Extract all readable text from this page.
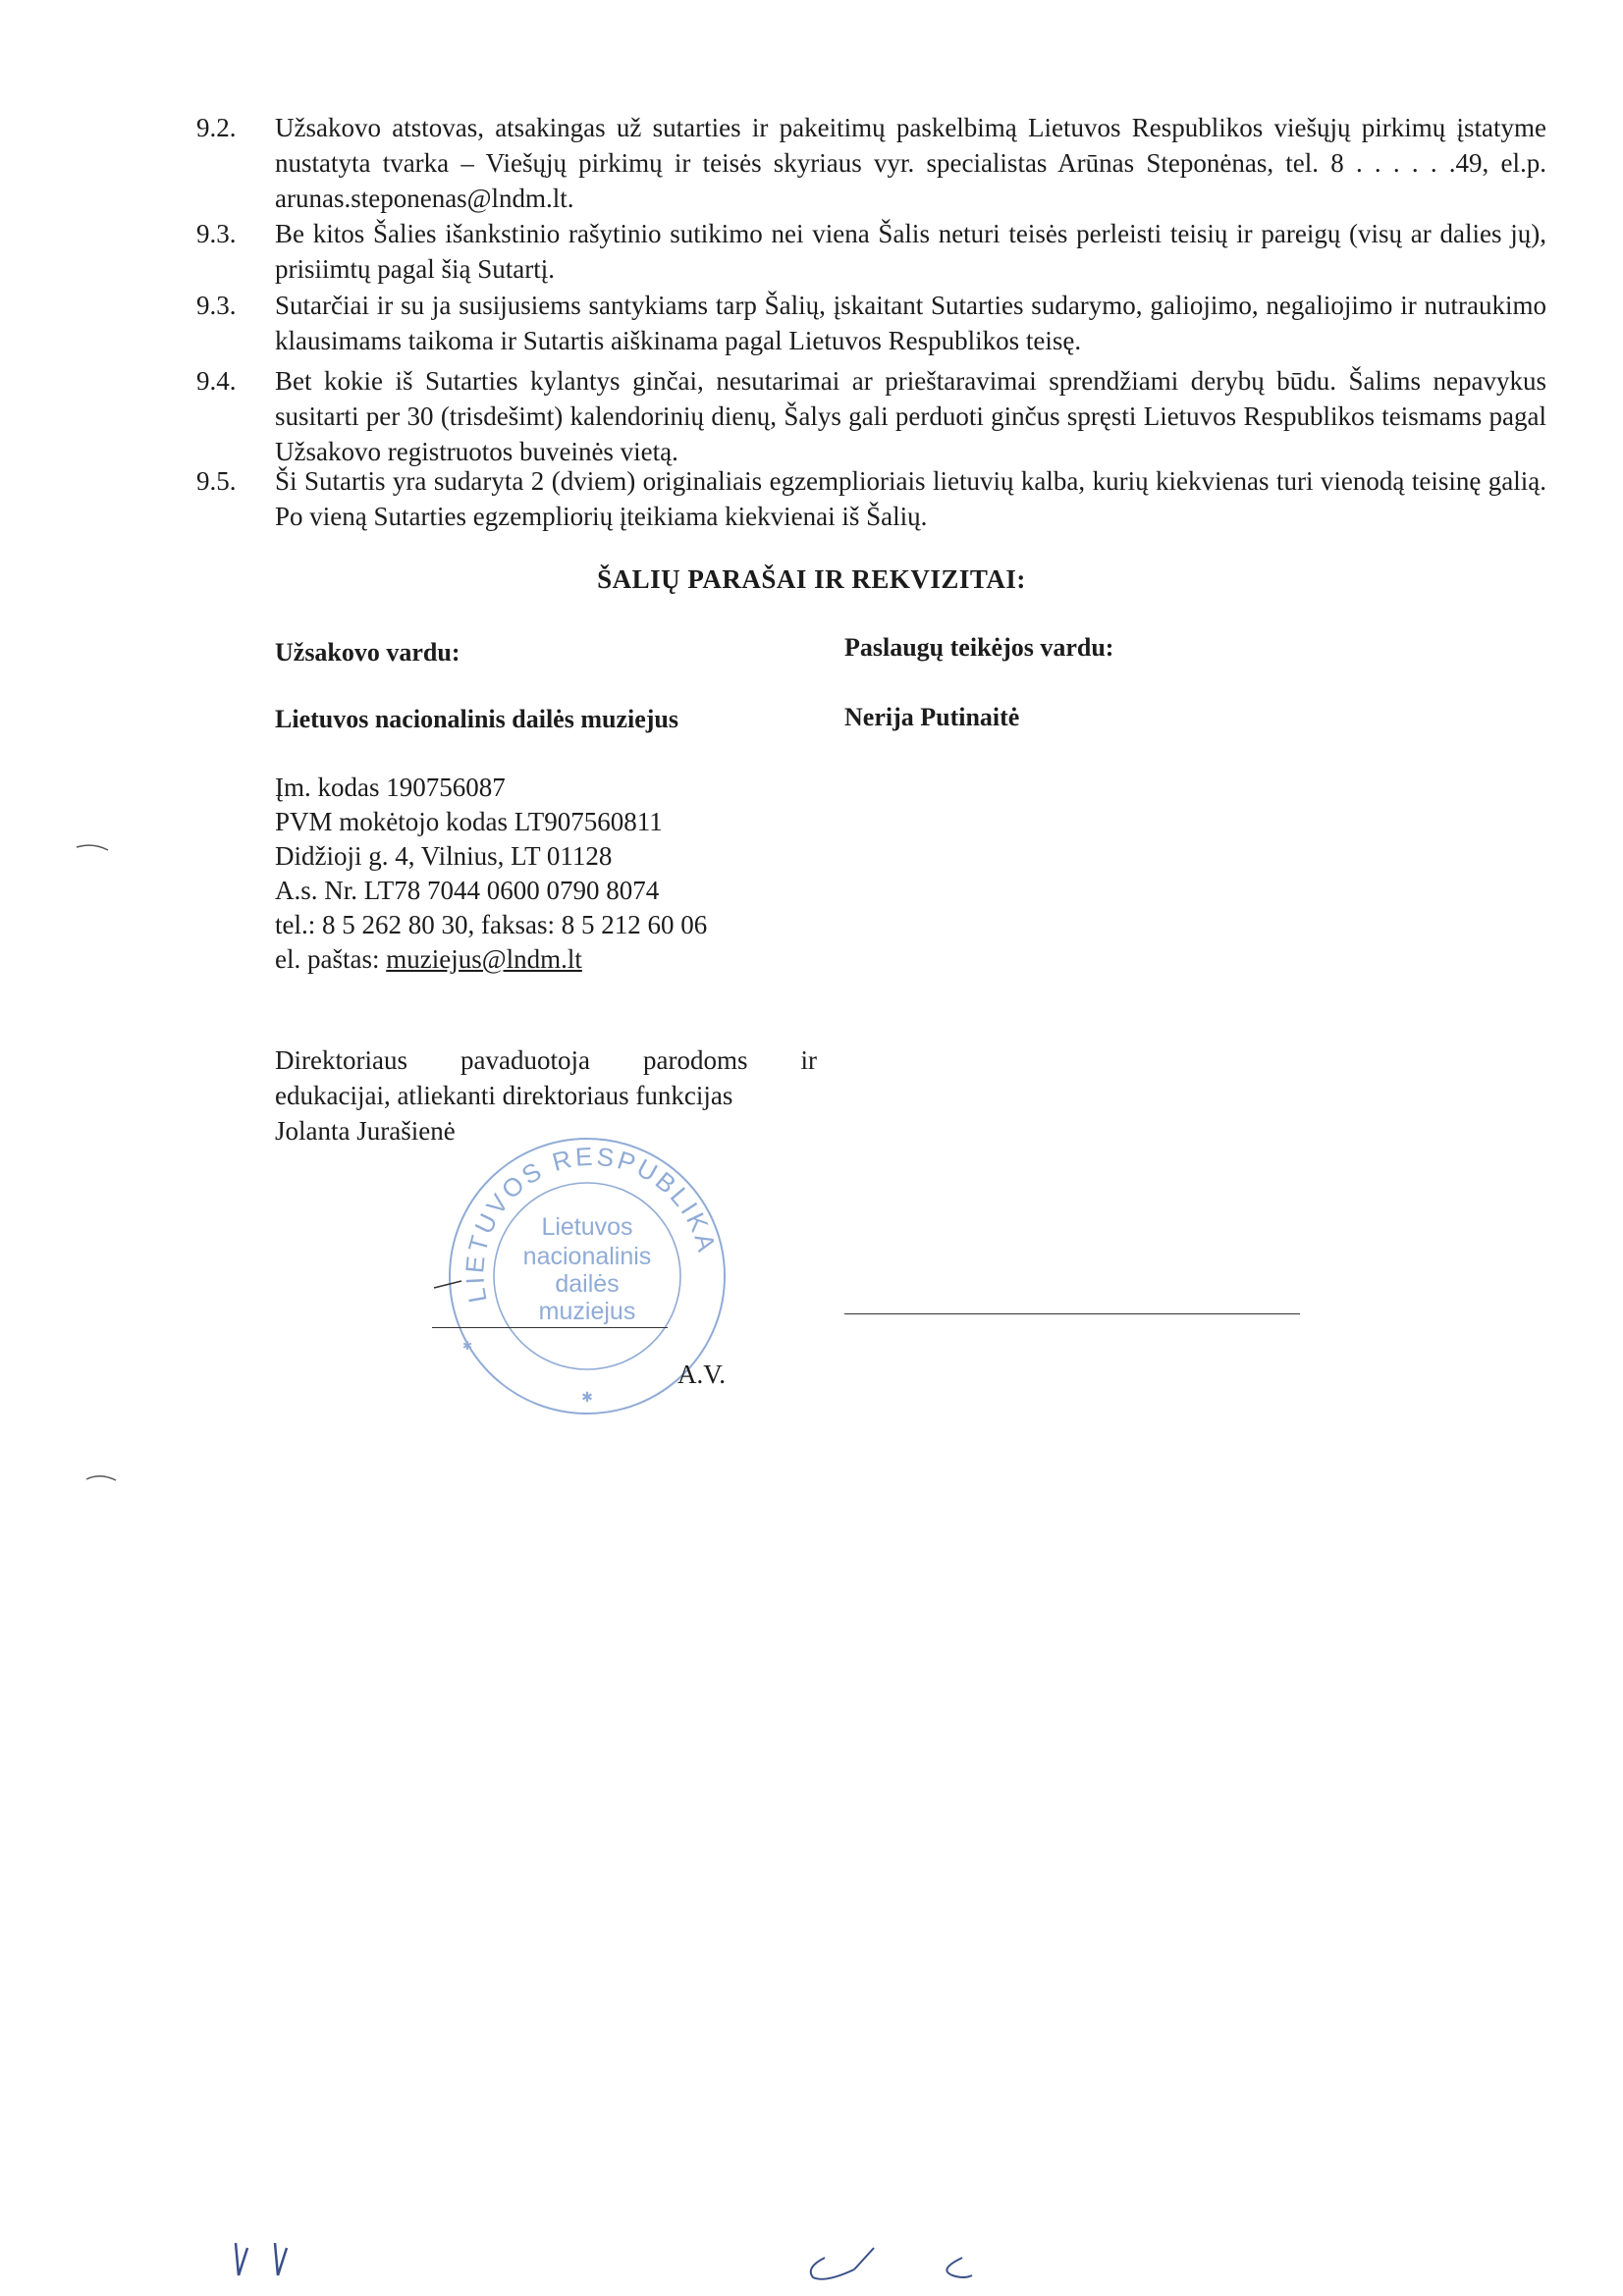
9.2.	Užsakovo atstovas, atsakingas už sutarties ir pakeitimų paskelbimą Lietuvos Respublikos viešųjų pirkimų įstatyme nustatyta tvarka – Viešųjų pirkimų ir teisės skyriaus vyr. specialistas Arūnas Steponėnas, tel. 8 . . . . . .49, el.p. arunas.steponenas@lndm.lt.
9.3.	Be kitos Šalies išankstinio rašytinio sutikimo nei viena Šalis neturi teisės perleisti teisių ir pareigų (visų ar dalies jų), prisiimtų pagal šią Sutartį.
9.3.	Sutarčiai ir su ja susijusiems santykiams tarp Šalių, įskaitant Sutarties sudarymo, galiojimo, negaliojimo ir nutraukimo klausimams taikoma ir Sutartis aiškinama pagal Lietuvos Respublikos teisę.
9.4.	Bet kokie iš Sutarties kylantys ginčai, nesutarimai ar prieštaravimai sprendžiami derybų būdu. Šalims nepavykus susitarti per 30 (trisdešimt) kalendorinių dienų, Šalys gali perduoti ginčus spręsti Lietuvos Respublikos teismams pagal Užsakovo registruotos buveinės vietą.
9.5.	Ši Sutartis yra sudaryta 2 (dviem) originaliais egzemplioriais lietuvių kalba, kurių kiekvienas turi vienodą teisinę galią. Po vieną Sutarties egzempliorių įteikiama kiekvienai iš Šalių.
ŠALIŲ PARAŠAI IR REKVIZITAI:
Užsakovo vardu:	Paslaugų teikėjos vardu:
Lietuvos nacionalinis dailės muziejus	Nerija Putinaitė
Įm. kodas 190756087
PVM mokėtojo kodas LT907560811
Didžioji g. 4, Vilnius, LT 01128
A.s. Nr. LT78 7044 0600 0790 8074
tel.: 8 5 262 80 30, faksas: 8 5 212 60 06
el. paštas: muziejus@lndm.lt
Direktoriaus pavaduotoja parodoms ir
edukacijai, atliekanti direktoriaus funkcijas
Jolanta Jurašienė
LIETUVOS RESPUBLIKA
Lietuvos
nacionalinis
dailės
muziejus
✱
✱
A.V.
